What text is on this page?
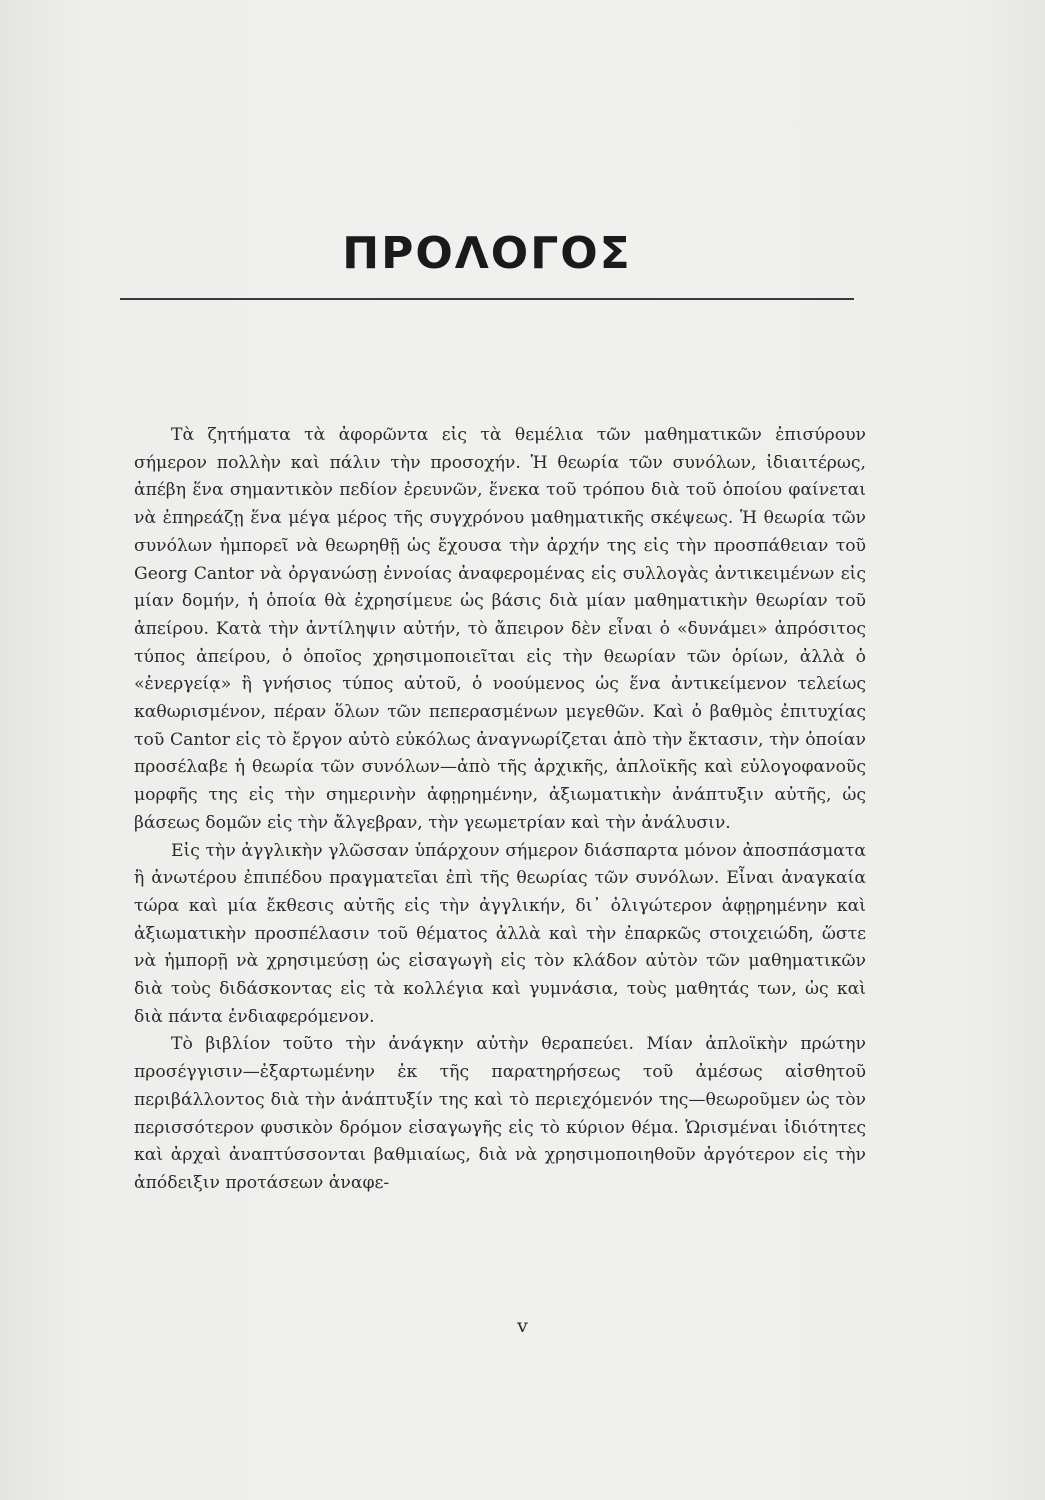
ΠΡΟΛΟΓΟΣ

Τὰ ζητήματα τὰ ἀφορῶντα εἰς τὰ θεμέλια τῶν μαθηματικῶν ἐπισύρουν σήμερον πολλὴν καὶ πάλιν τὴν προσοχήν. Ἡ θεωρία τῶν συνόλων, ἰδιαιτέρως, ἀπέβη ἕνα σημαντικὸν πεδίον ἐρευνῶν, ἕνεκα τοῦ τρόπου διὰ τοῦ ὁποίου φαίνεται νὰ ἐπηρεάζῃ ἕνα μέγα μέρος τῆς συγχρόνου μαθηματικῆς σκέψεως. Ἡ θεωρία τῶν συνόλων ἠμπορεῖ νὰ θεωρηθῇ ὡς ἔχουσα τὴν ἀρχήν της εἰς τὴν προσπάθειαν τοῦ Georg Cantor νὰ ὀργανώσῃ ἐννοίας ἀναφερομένας εἰς συλλογὰς ἀντικειμένων εἰς μίαν δομήν, ἡ ὁποία θὰ ἐχρησίμευε ὡς βάσις διὰ μίαν μαθηματικὴν θεωρίαν τοῦ ἀπείρου. Κατὰ τὴν ἀντίληψιν αὐτήν, τὸ ἄπειρον δὲν εἶναι ὁ «δυνάμει» ἀπρόσιτος τύπος ἀπείρου, ὁ ὁποῖος χρησιμοποιεῖται εἰς τὴν θεωρίαν τῶν ὁρίων, ἀλλὰ ὁ «ἐνεργείᾳ» ἢ γνήσιος τύπος αὐτοῦ, ὁ νοούμενος ὡς ἕνα ἀντικείμενον τελείως καθωρισμένον, πέραν ὅλων τῶν πεπερασμένων μεγεθῶν. Καὶ ὁ βαθμὸς ἐπιτυχίας τοῦ Cantor εἰς τὸ ἔργον αὐτὸ εὐκόλως ἀναγνωρίζεται ἀπὸ τὴν ἔκτασιν, τὴν ὁποίαν προσέλαβε ἡ θεωρία τῶν συνόλων—ἀπὸ τῆς ἀρχικῆς, ἀπλοϊκῆς καὶ εὐλογοφανοῦς μορφῆς της εἰς τὴν σημερινὴν ἀφῃρημένην, ἀξιωματικὴν ἀνάπτυξιν αὐτῆς, ὡς βάσεως δομῶν εἰς τὴν ἄλγεβραν, τὴν γεωμετρίαν καὶ τὴν ἀνάλυσιν.

Εἰς τὴν ἀγγλικὴν γλῶσσαν ὑπάρχουν σήμερον διάσπαρτα μόνον ἀποσπάσματα ἢ ἀνωτέρου ἐπιπέδου πραγματεῖαι ἐπὶ τῆς θεωρίας τῶν συνόλων. Εἶναι ἀναγκαία τώρα καὶ μία ἔκθεσις αὐτῆς εἰς τὴν ἀγγλικήν, δι᾽ ὀλιγώτερον ἀφῃρημένην καὶ ἀξιωματικὴν προσπέλασιν τοῦ θέματος ἀλλὰ καὶ τὴν ἐπαρκῶς στοιχειώδη, ὥστε νὰ ἠμπορῇ νὰ χρησιμεύσῃ ὡς εἰσαγωγὴ εἰς τὸν κλάδον αὐτὸν τῶν μαθηματικῶν διὰ τοὺς διδάσκοντας εἰς τὰ κολλέγια καὶ γυμνάσια, τοὺς μαθητάς των, ὡς καὶ διὰ πάντα ἐνδιαφερόμενον.

Τὸ βιβλίον τοῦτο τὴν ἀνάγκην αὐτὴν θεραπεύει. Μίαν ἁπλοϊκὴν πρώτην προσέγγισιν—ἐξαρτωμένην ἐκ τῆς παρατηρήσεως τοῦ ἀμέσως αἰσθητοῦ περιβάλλοντος διὰ τὴν ἀνάπτυξίν της καὶ τὸ περιεχόμενόν της—θεωροῦμεν ὡς τὸν περισσότερον φυσικὸν δρόμον εἰσαγωγῆς εἰς τὸ κύριον θέμα. Ὡρισμέναι ἰδιότητες καὶ ἀρχαὶ ἀναπτύσσονται βαθμιαίως, διὰ νὰ χρησιμοποιηθοῦν ἀργότερον εἰς τὴν ἀπόδειξιν προτάσεων ἀναφε-

v
